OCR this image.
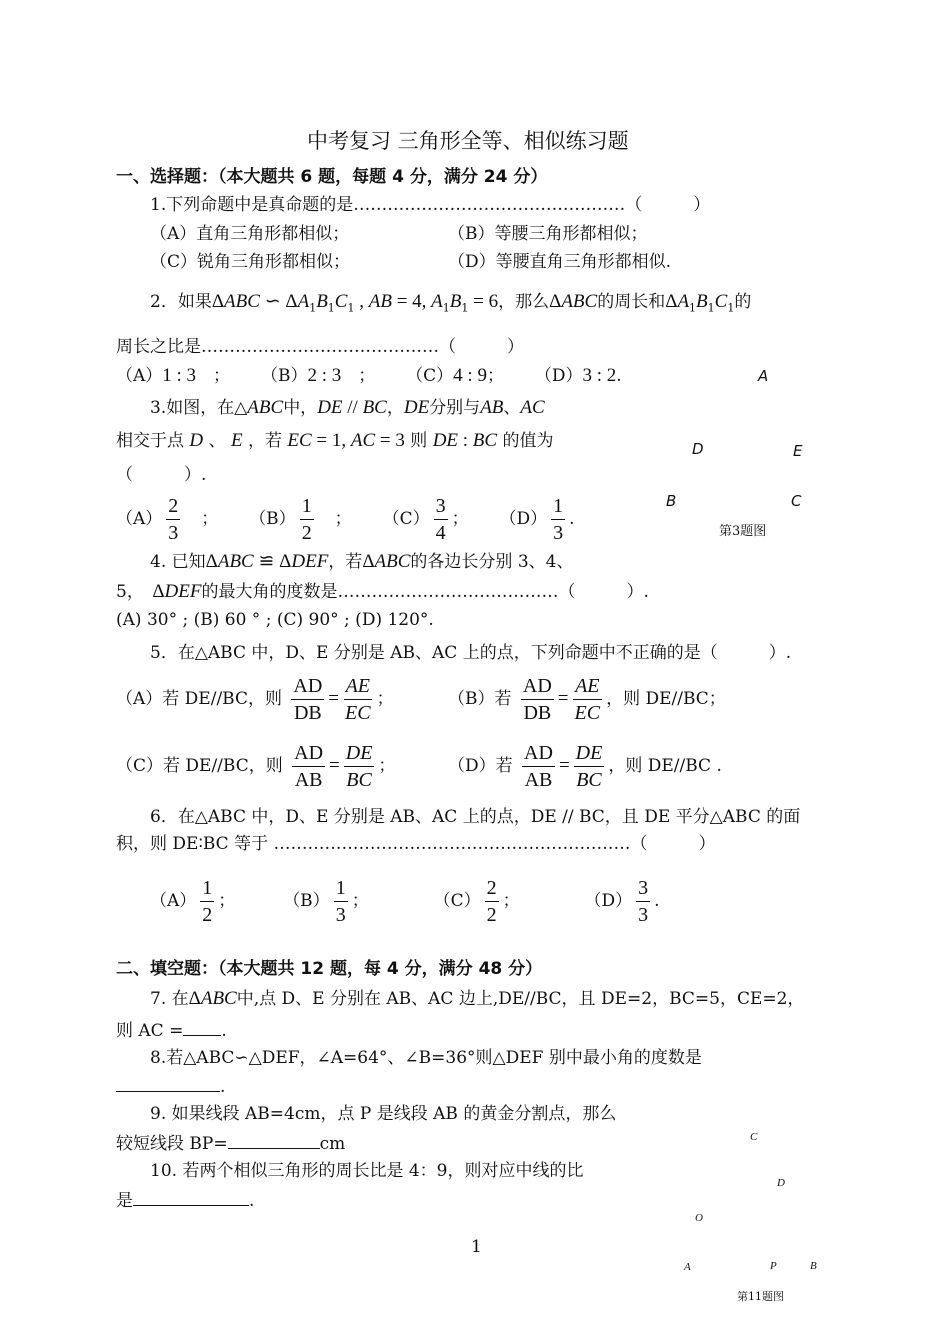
中考复习 三角形全等、相似练习题
一、选择题：（本大题共 6 题，每题 4 分，满分 24 分）
1.下列命题中是真命题的是…………………………………………（　　　）
（A）直角三角形都相似；	（B）等腰三角形都相似；
（C）锐角三角形都相似；	（D）等腰直角三角形都相似.
2．如果ΔABC ∽ $\Delta A_1B_1C_1$ , AB = 4, $A_1B_1 = 6$，那么ΔABC的周长和$\Delta A_1B_1C_1$的
周长之比是……………………………………（　　　）
（A）1 : 3　；　　 （B）2 : 3　；　　 （C）4 : 9；　　 （D）3 : 2.
3.如图，在△ABC中，DE // BC，DE分别与AB、AC
相交于点 D 、 E ，若 EC = 1, AC = 3 则 DE : BC 的值为
（　　　）.
$(A) \frac{2}{3}$ 　；　　 $(B) \frac{1}{2}$ 　；　　 $(C) \frac{3}{4}$ ；　　 $(D) \frac{1}{3}$ .
A
D	E
B	C
第3题图
4. 已知ΔABC ≌ ΔDEF，若ΔABC的各边长分别 3、4、
5，　 ΔDEF的最大角的度数是…………………………………（　　　）.
(A) 30° ; (B) 60 ° ; (C) 90° ; (D) 120°.
5．在△ABC 中，D、E 分别是 AB、AC 上的点，下列命题中不正确的是（　　　）.
（A）若 DE//BC，则 $\frac{AD}{DB} = \frac{AE}{EC}$ ；	（B）若 $\frac{AD}{DB} = \frac{AE}{EC}$ ，则 DE//BC；
（C）若 DE//BC，则 $\frac{AD}{AB} = \frac{DE}{BC}$ ；	（D）若 $\frac{AD}{AB} = \frac{DE}{BC}$ ，则 DE//BC .
6．在△ABC 中，D、E 分别是 AB、AC 上的点，DE // BC，且 DE 平分△ABC 的面
积，则 DE∶BC 等于 ………………………………………………………（　　　）
$(A) \frac{1}{2}$ ；　　　 $(B) \frac{1}{3}$ ；　　　　 $(C) \frac{2}{2}$ ；　　　　 $(D) \frac{3}{3}$ .
二、填空题：（本大题共 12 题，每 4 分，满分 48 分）
7. 在ΔABC中,点 D、E 分别在 AB、AC 边上,DE//BC，且 DE=2，BC=5，CE=2，
则 AC = .
8.若△ABC∽△DEF，∠A=64°、∠B=36°则△DEF 别中最小角的度数是
.
9. 如果线段 AB=4cm，点 P 是线段 AB 的黄金分割点，那么
较短线段 BP=	cm
10. 若两个相似三角形的周长比是 4：9，则对应中线的比
是	.
C
D
O
A	P	B
第11题图
1
